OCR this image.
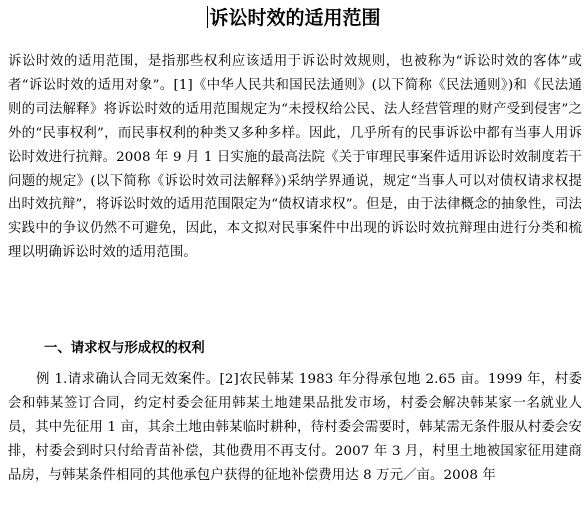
诉讼时效的适用范围
诉讼时效的适用范围，是指那些权利应该适用于诉讼时效规则，也被称为“诉讼时效的客体”或者“诉讼时效的适用对象”。[1]《中华人民共和国民法通则》(以下简称《民法通则》)和《民法通则的司法解释》将诉讼时效的适用范围规定为“未授权给公民、法人经营管理的财产受到侵害”之外的“民事权利”，而民事权利的种类又多种多样。因此，几乎所有的民事诉讼中都有当事人用诉讼时效进行抗辩。2008 年 9 月 1 日实施的最高法院《关于审理民事案件适用诉讼时效制度若干问题的规定》(以下简称《诉讼时效司法解释》)采纳学界通说，规定“当事人可以对债权请求权提出时效抗辩”，将诉讼时效的适用范围限定为“债权请求权”。但是，由于法律概念的抽象性，司法实践中的争议仍然不可避免，因此，本文拟对民事案件中出现的诉讼时效抗辩理由进行分类和梳理以明确诉讼时效的适用范围。
一、请求权与形成权的权利
例 1.请求确认合同无效案件。[2]农民韩某 1983 年分得承包地 2.65 亩。1999 年，村委会和韩某签订合同，约定村委会征用韩某土地建果品批发市场，村委会解决韩某家一名就业人员，其中先征用 1 亩，其余土地由韩某临时耕种，待村委会需要时，韩某需无条件服从村委会安排，村委会到时只付给青苗补偿，其他费用不再支付。2007 年 3 月，村里土地被国家征用建商品房，与韩某条件相同的其他承包户获得的征地补偿费用达 8 万元／亩。2008 年
